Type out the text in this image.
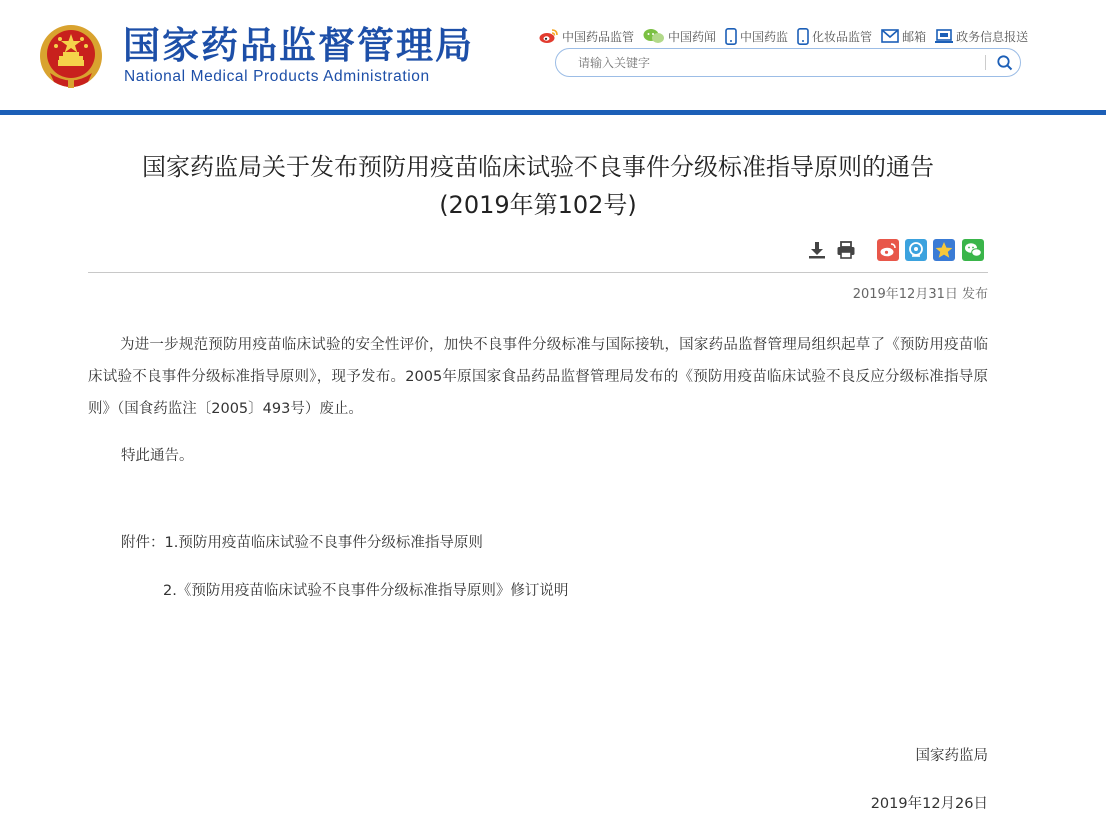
国家药品监督管理局
National Medical Products Administration
中国药品监管	中国药闻 中国药监 化妆品监管	邮箱	政务信息报送
请输入关键字
国家药监局关于发布预防用疫苗临床试验不良事件分级标准指导原则的通告
(2019年第102号)
2019年12月31日 发布

为进一步规范预防用疫苗临床试验的安全性评价，加快不良事件分级标准与国际接轨，国家药品监督管理局组织起草了《预防用疫苗临床试验不良事件分级标准指导原则》，现予发布。2005年原国家食品药品监督管理局发布的《预防用疫苗临床试验不良反应分级标准指导原则》（国食药监注〔2005〕493号）废止。

特此通告。

附件：1.预防用疫苗临床试验不良事件分级标准指导原则

2.《预防用疫苗临床试验不良事件分级标准指导原则》修订说明

国家药监局
2019年12月26日
